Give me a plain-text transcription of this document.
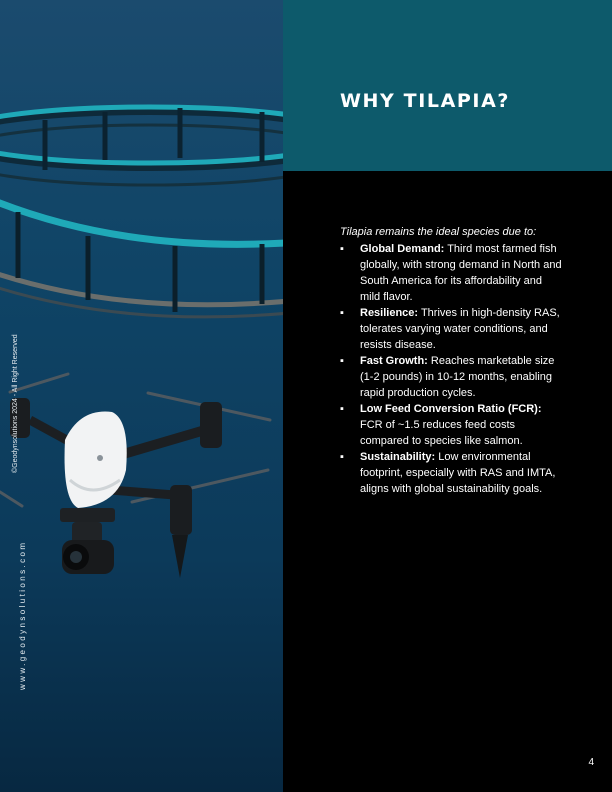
www.geodynsolutions.com
©Geodynsolutions 2024 - All Right Reserved
WHY TILAPIA?

Tilapia remains the ideal species due to:

▪ Global Demand: Third most farmed fish globally, with strong demand in North and South America for its affordability and mild flavor.
▪ Resilience: Thrives in high-density RAS, tolerates varying water conditions, and resists disease.
▪ Fast Growth: Reaches marketable size (1-2 pounds) in 10-12 months, enabling rapid production cycles.
▪ Low Feed Conversion Ratio (FCR): FCR of ~1.5 reduces feed costs compared to species like salmon.
▪ Sustainability: Low environmental footprint, especially with RAS and IMTA, aligns with global sustainability goals.
4
